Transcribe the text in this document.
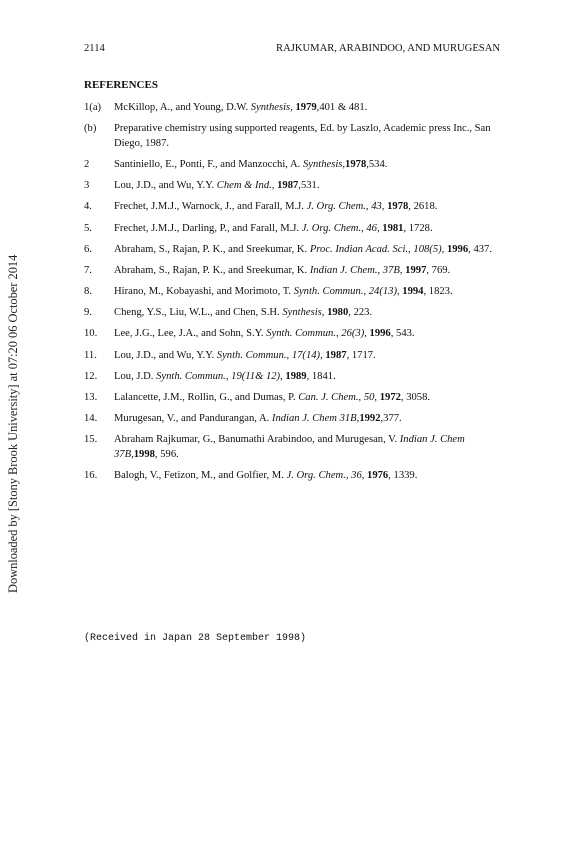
2114	RAJKUMAR, ARABINDOO, AND MURUGESAN
REFERENCES
1(a)	McKillop, A., and Young, D.W. Synthesis, 1979,401 & 481.
(b)	Preparative chemistry using supported reagents, Ed. by Laszlo, Academic press Inc., San Diego, 1987.
2	Santiniello, E., Ponti, F., and Manzocchi, A. Synthesis,1978,534.
3	Lou, J.D., and Wu, Y.Y. Chem & Ind., 1987,531.
4.	Frechet, J.M.J., Warnock, J., and Farall, M.J. J. Org. Chem., 43, 1978, 2618.
5.	Frechet, J.M.J., Darling, P., and Farall, M.J. J. Org. Chem., 46, 1981, 1728.
6.	Abraham, S., Rajan, P. K., and Sreekumar, K. Proc. Indian Acad. Sci., 108(5), 1996, 437.
7.	Abraham, S., Rajan, P. K., and Sreekumar, K. Indian J. Chem., 37B, 1997, 769.
8.	Hirano, M., Kobayashi, and Morimoto, T. Synth. Commun., 24(13), 1994, 1823.
9.	Cheng, Y.S., Liu, W.L., and Chen, S.H. Synthesis, 1980, 223.
10.	Lee, J.G., Lee, J.A., and Sohn, S.Y. Synth. Commun., 26(3), 1996, 543.
11.	Lou, J.D., and Wu, Y.Y. Synth. Commun., 17(14), 1987, 1717.
12.	Lou, J.D. Synth. Commun., 19(11& 12), 1989, 1841.
13.	Lalancette, J.M., Rollin, G., and Dumas, P. Can. J. Chem., 50, 1972, 3058.
14.	Murugesan, V., and Pandurangan, A. Indian J. Chem 31B,1992,377.
15.	Abraham Rajkumar, G., Banumathi Arabindoo, and Murugesan, V. Indian J. Chem 37B,1998, 596.
16.	Balogh, V., Fetizon, M., and Golfier, M. J. Org. Chem., 36, 1976, 1339.
(Received in Japan 28 September 1998)
Downloaded by [Stony Brook University] at 07:20 06 October 2014
